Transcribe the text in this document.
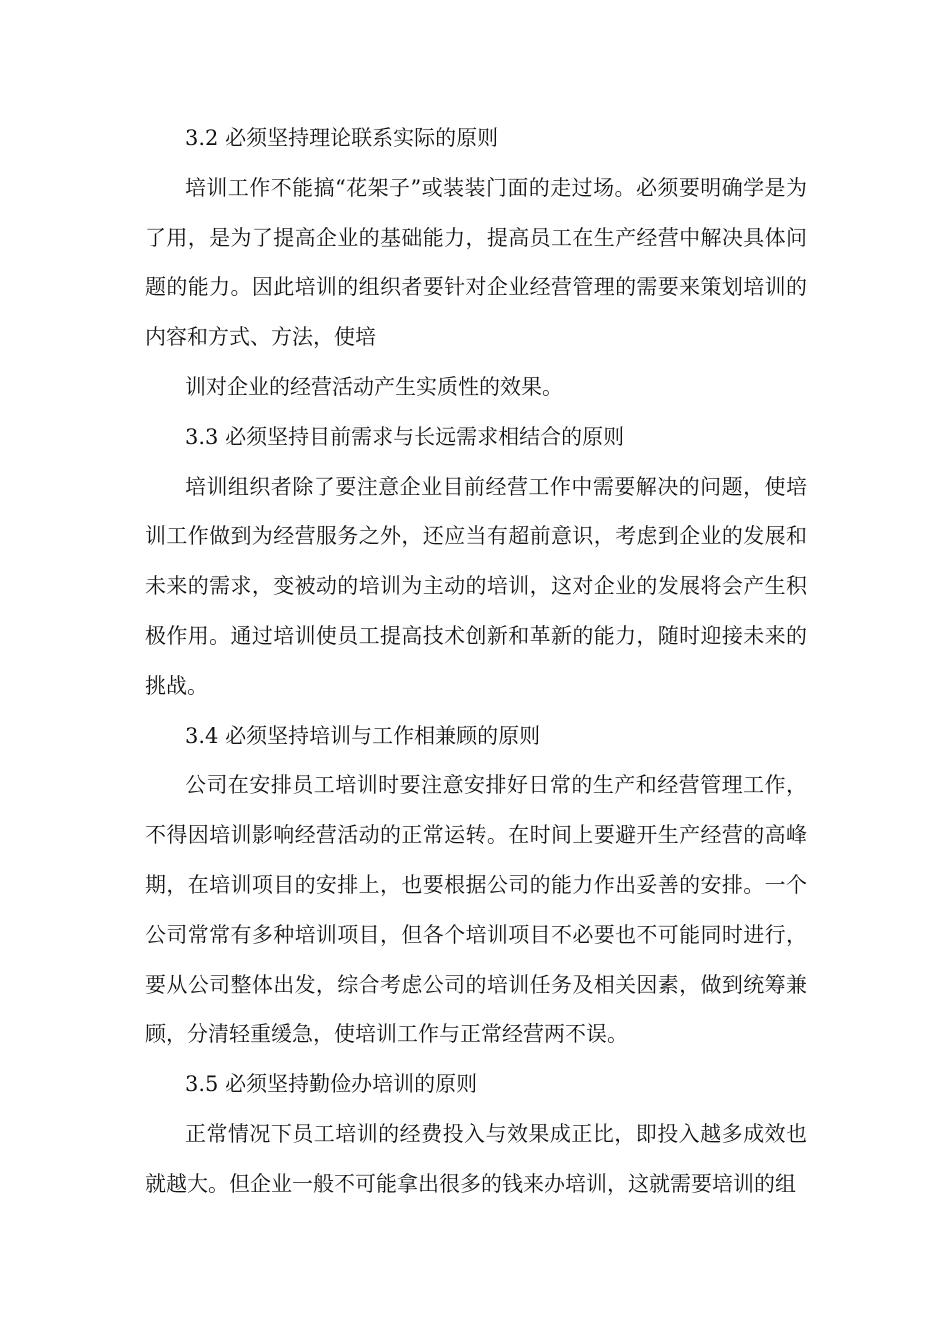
3.2 必须坚持理论联系实际的原则

培训工作不能搞“花架子”或装装门面的走过场。必须要明确学是为了用，是为了提高企业的基础能力，提高员工在生产经营中解决具体问题的能力。因此培训的组织者要针对企业经营管理的需要来策划培训的内容和方式、方法，使培

训对企业的经营活动产生实质性的效果。

3.3 必须坚持目前需求与长远需求相结合的原则

培训组织者除了要注意企业目前经营工作中需要解决的问题，使培训工作做到为经营服务之外，还应当有超前意识，考虑到企业的发展和未来的需求，变被动的培训为主动的培训，这对企业的发展将会产生积极作用。通过培训使员工提高技术创新和革新的能力，随时迎接未来的挑战。

3.4 必须坚持培训与工作相兼顾的原则

公司在安排员工培训时要注意安排好日常的生产和经营管理工作，不得因培训影响经营活动的正常运转。在时间上要避开生产经营的高峰期，在培训项目的安排上，也要根据公司的能力作出妥善的安排。一个公司常常有多种培训项目，但各个培训项目不必要也不可能同时进行，要从公司整体出发，综合考虑公司的培训任务及相关因素，做到统筹兼顾，分清轻重缓急，使培训工作与正常经营两不误。

3.5 必须坚持勤俭办培训的原则

正常情况下员工培训的经费投入与效果成正比，即投入越多成效也就越大。但企业一般不可能拿出很多的钱来办培训，这就需要培训的组
